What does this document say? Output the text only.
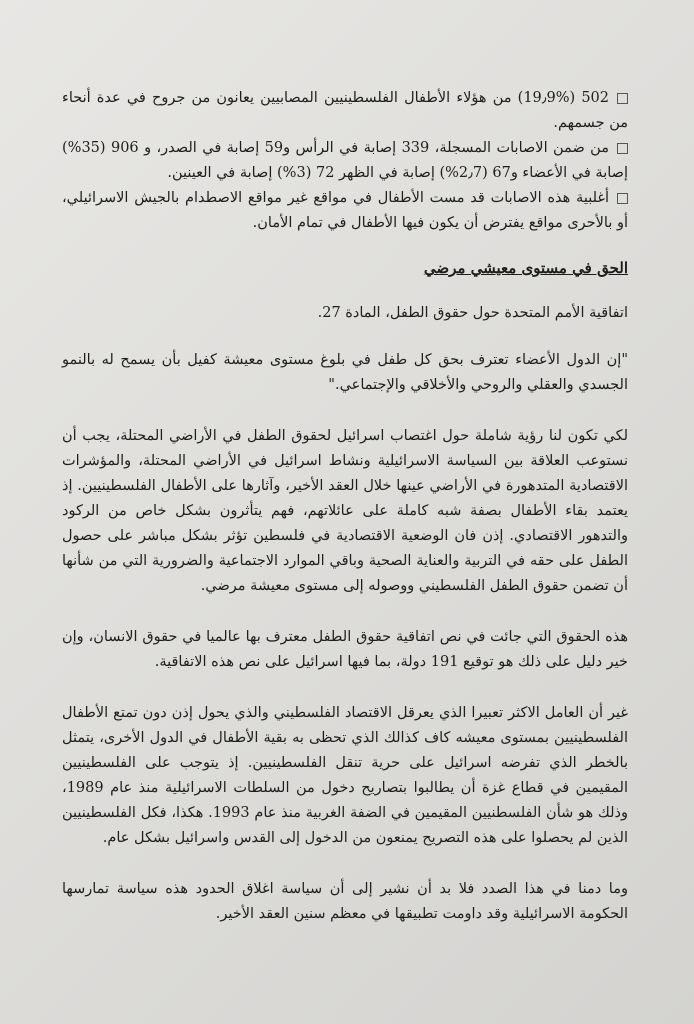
502 (19٫9%) من هؤلاء الأطفال الفلسطينيين المصابيين يعانون من جروح في عدة أنحاء من جسمهم.
من ضمن الاصابات المسجلة، 339 إصابة في الرأس و59 إصابة في الصدر، و 906 (35%) إصابة في الأعضاء و67 (2٫7%) إصابة في الظهر 72 (3%) إصابة في العينين.
أغلبية هذه الاصابات قد مست الأطفال في مواقع غير مواقع الاصطدام بالجيش الاسرائيلي، أو بالأحرى مواقع يفترض أن يكون فيها الأطفال في تمام الأمان.

الحق في مستوى معيشي مرضي

اتفاقية الأمم المتحدة حول حقوق الطفل، المادة 27.

"إن الدول الأعضاء تعترف بحق كل طفل في بلوغ مستوى معيشة كفيل بأن يسمح له بالنمو الجسدي والعقلي والروحي والأخلاقي والإجتماعي."

لكي تكون لنا رؤية شاملة حول اغتصاب اسرائيل لحقوق الطفل في الأراضي المحتلة، يجب أن نستوعب العلاقة بين السياسة الاسرائيلية ونشاط اسرائيل في الأراضي المحتلة، والمؤشرات الاقتصادية المتدهورة في الأراضي عينها خلال العقد الأخير، وآثارها على الأطفال الفلسطينيين. إذ يعتمد بقاء الأطفال بصفة شبه كاملة على عائلاتهم، فهم يتأثرون بشكل خاص من الركود والتدهور الاقتصادي. إذن فان الوضعية الاقتصادية في فلسطين تؤثر بشكل مباشر على حصول الطفل على حقه في التربية والعناية الصحية وباقي الموارد الاجتماعية والضرورية التي من شأنها أن تضمن حقوق الطفل الفلسطيني ووصوله إلى مستوى معيشة مرضي.

هذه الحقوق التي جائت في نص اتفاقية حقوق الطفل معترف بها عالميا في حقوق الانسان، وإن خير دليل على ذلك هو توقيع 191 دولة، بما فيها اسرائيل على نص هذه الاتفاقية.

غير أن العامل الاكثر تعبيرا الذي يعرقل الاقتصاد الفلسطيني والذي يحول إذن دون تمتع الأطفال الفلسطينيين بمستوى معيشه كاف كذالك الذي تحظى به بقية الأطفال في الدول الأخرى، يتمثل بالخطر الذي تفرضه اسرائيل على حرية تنقل الفلسطينيين. إذ يتوجب على الفلسطينيين المقيمين في قطاع غزة أن يطالبوا بتصاريح دخول من السلطات الاسرائيلية منذ عام 1989، وذلك هو شأن الفلسطنيين المقيمين في الضفة الغربية منذ عام 1993. هكذا، فكل الفلسطينيين الذين لم يحصلوا على هذه التصريح يمنعون من الدخول إلى القدس واسرائيل بشكل عام.

وما دمنا في هذا الصدد فلا بد أن نشير إلى أن سياسة اغلاق الحدود هذه سياسة تمارسها الحكومة الاسرائيلية وقد داومت تطبيقها في معظم سنين العقد الأخير.
